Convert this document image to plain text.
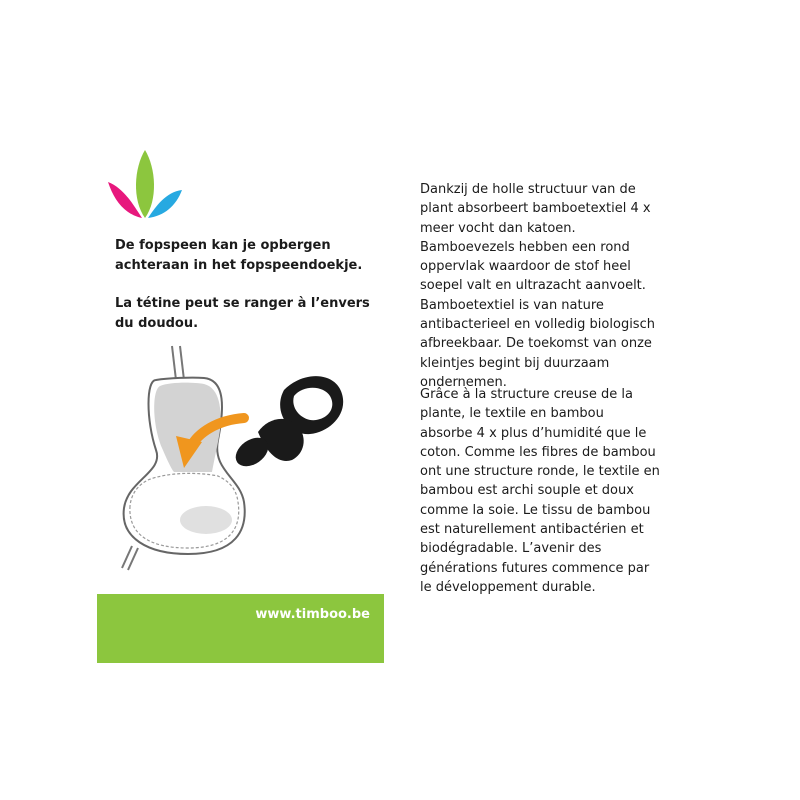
De fopspeen kan je opbergen achteraan in het fopspeendoekje.

La tétine peut se ranger à l’envers du doudou.

www.timboo.be

Dankzij de holle structuur van de plant absorbeert bamboetextiel 4 x meer vocht dan katoen. Bamboevezels hebben een rond oppervlak waardoor de stof heel soepel valt en ultrazacht aanvoelt. Bamboetextiel is van nature antibacterieel en volledig biologisch afbreekbaar. De toekomst van onze kleintjes begint bij duurzaam ondernemen.

Grâce à la structure creuse de la plante, le textile en bambou absorbe 4 x plus d’humidité que le coton. Comme les fibres de bambou ont une structure ronde, le textile en bambou est archi souple et doux comme la soie. Le tissu de bambou est naturellement antibactérien et biodégradable. L’avenir des générations futures commence par le développement durable.
